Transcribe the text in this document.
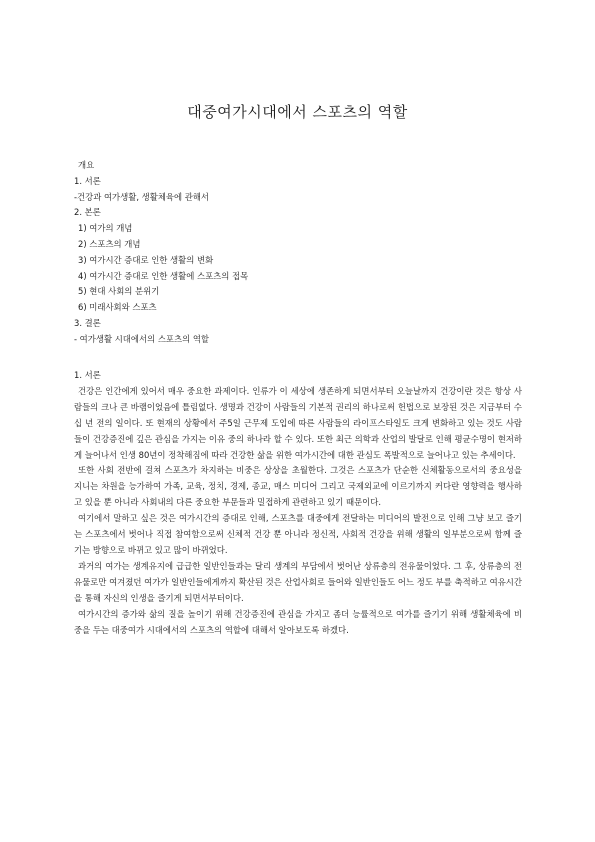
대중여가시대에서 스포츠의 역할
개요
1. 서론
-건강과 여가생활, 생활체육에 관해서
2. 본론
1) 여가의 개념
2) 스포츠의 개념
3) 여가시간 증대로 인한 생활의 변화
4) 여가시간 증대로 인한 생활에 스포츠의 접목
5) 현대 사회의 분위기
6) 미래사회와 스포츠
3. 결론
- 여가생활 시대에서의 스포츠의 역할

1. 서론

건강은 인간에게 있어서 매우 중요한 과제이다. 인류가 이 세상에 생존하게 되면서부터 오늘날까지 건강이란 것은 항상 사람들의 크나 큰 바램이었음에 틀림없다. 생명과 건강이 사람들의 기본적 권리의 하나로써 헌법으로 보장된 것은 지금부터 수십 년 전의 일이다. 또 현재의 상황에서 주5일 근무제 도입에 따른 사람들의 라이프스타일도 크게 변화하고 있는 것도 사람들이 건강증진에 깊은 관심을 가지는 이유 중의 하나라 할 수 있다. 또한 최근 의학과 산업의 발달로 인해 평균수명이 현저하게 늘어나서 인생 80년이 정착해짐에 따라 건강한 삶을 위한 여가시간에 대한 관심도 폭발적으로 늘어나고 있는 추세이다.

또한 사회 전반에 걸쳐 스포츠가 차지하는 비중은 상상을 초월한다. 그것은 스포츠가 단순한 신체활동으로서의 중요성을 지니는 차원을 능가하여 가족, 교육, 정치, 경제, 종교, 매스 미디어 그리고 국제외교에 이르기까지 커다란 영향력을 행사하고 있을 뿐 아니라 사회내의 다른 중요한 부문들과 밀접하게 관련하고 있기 때문이다.

여기에서 말하고 싶은 것은 여가시간의 증대로 인해, 스포츠를 대중에게 전달하는 미디어의 발전으로 인해 그냥 보고 즐기는 스포츠에서 벗어나 직접 참여함으로써 신체적 건강 뿐 아니라 정신적, 사회적 건강을 위해 생활의 일부분으로써 함께 즐기는 방향으로 바뀌고 있고 많이 바뀌었다.

과거의 여가는 생계유지에 급급한 일반인들과는 달리 생계의 부담에서 벗어난 상류층의 전유물이었다. 그 후, 상류층의 전유물로만 여겨졌던 여가가 일반인들에게까지 확산된 것은 산업사회로 들어와 일반인들도 어느 정도 부를 축적하고 여유시간을 통해 자신의 인생을 즐기게 되면서부터이다.

여가시간의 증가와 삶의 질을 높이기 위해 건강증진에 관심을 가지고 좀더 능률적으로 여가를 즐기기 위해 생활체육에 비중을 두는 대중여가 시대에서의 스포츠의 역할에 대해서 알아보도록 하겠다.
